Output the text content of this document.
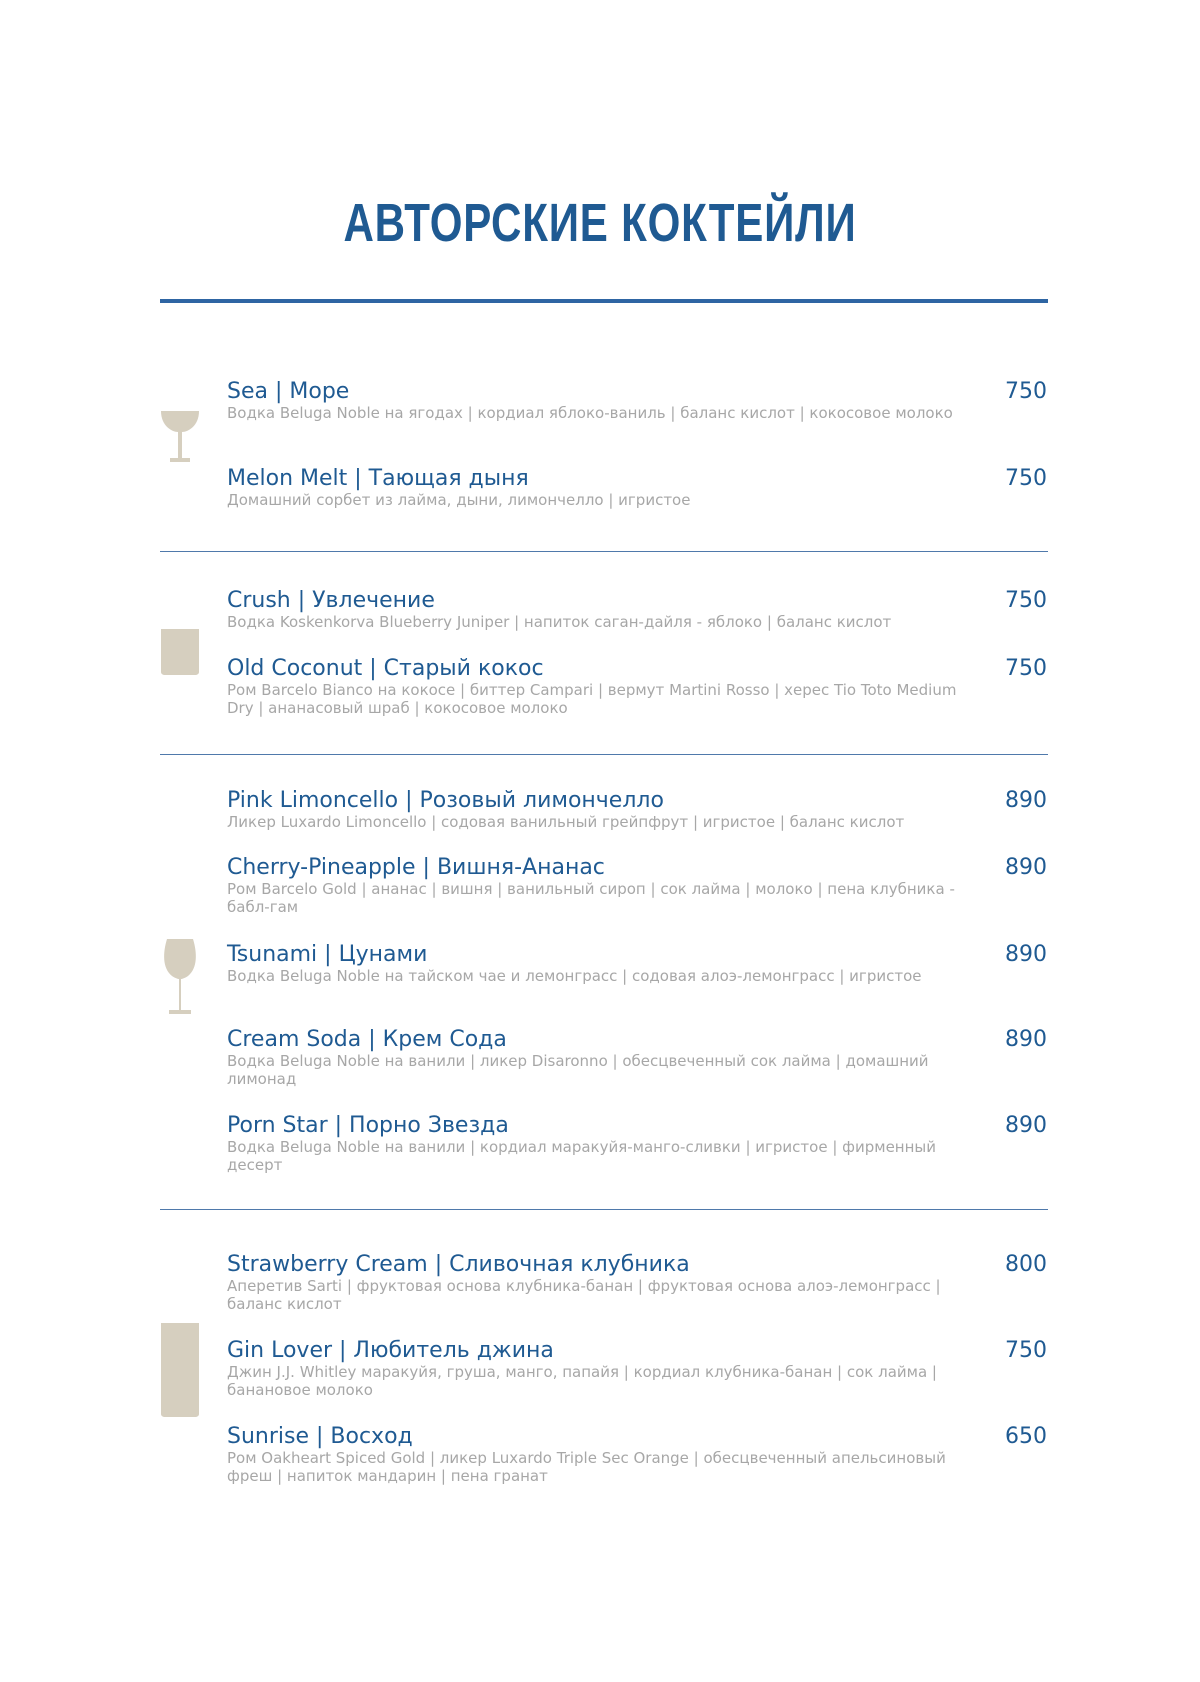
АВТОРСКИЕ КОКТЕЙЛИ
Sea | Море
Водка Beluga Noble на ягодах | кордиал яблоко-ваниль | баланс кислот | кокосовое молоко
750
Melon Melt | Тающая дыня
Домашний сорбет из лайма, дыни, лимончелло | игристое
750
Crush | Увлечение
Водка Koskenkorva Blueberry Juniper | напиток саган-дайля - яблоко | баланс кислот
750
Old Coconut | Старый кокос
Ром Barcelo Bianco на кокосе | биттер Campari | вермут Martini Rosso | херес Tio Toto Medium Dry | ананасовый шраб | кокосовое молоко
750
Pink Limoncello | Розовый лимончелло
Ликер Luxardo Limoncello | содовая ванильный грейпфрут | игристое | баланс кислот
890
Cherry-Pineapple | Вишня-Ананас
Ром Barcelo Gold | ананас | вишня | ванильный сироп | сок лайма | молоко | пена клубника - бабл-гам
890
Tsunami | Цунами
Водка Beluga Noble на тайском чае и лемонграсс | содовая алоэ-лемонграсс | игристое
890
Cream Soda | Крем Сода
Водка Beluga Noble на ванили | ликер Disaronno | обесцвеченный сок лайма | домашний лимонад
890
Porn Star | Порно Звезда
Водка Beluga Noble на ванили | кордиал маракуйя-манго-сливки | игристое | фирменный десерт
890
Strawberry Cream | Сливочная клубника
Аперетив Sarti | фруктовая основа клубника-банан | фруктовая основа алоэ-лемонграсс | баланс кислот
800
Gin Lover | Любитель джина
Джин J.J. Whitley маракуйя, груша, манго, папайя | кордиал клубника-банан | сок лайма | банановое молоко
750
Sunrise | Восход
Ром Oakheart Spiced Gold | ликер Luxardo Triple Sec Orange | обесцвеченный апельсиновый фреш | напиток мандарин | пена гранат
650
